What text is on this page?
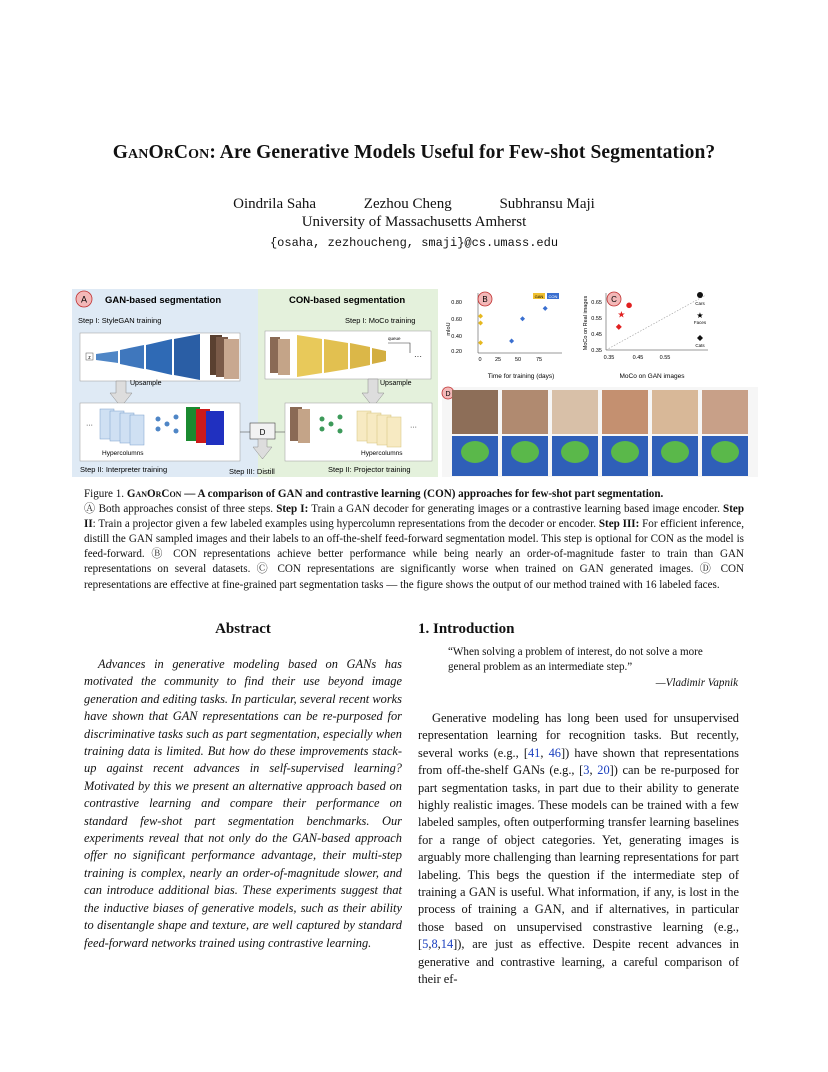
GanOrCon: Are Generative Models Useful for Few-shot Segmentation?
Oindrila Saha	Zezhou Cheng	Subhransu Maji
University of Massachusetts Amherst
{osaha, zezhoucheng, smaji}@cs.umass.edu
A GAN-based segmentation	CON-based segmentation
Step I: StyleGAN training	Step I: MoCo training
z
queue
···
Upsample	Upsample
···
Hypercolumns
Step II: Interpreter training
···
Hypercolumns
Step II: Projector training
D
Step III: Distill
0.80
0.60
0.40
0.20
mIoU
0 25	50	75
Time for training (days)
GAN CON
B	MoCo on Real images 0.65
0.55
0.45
0.35
0.35	0.45	0.55
MoCo on GAN images
★
Cars
★
Faces
Cats
C
D
Figure 1. GanOrCon — A comparison of GAN and contrastive learning (CON) approaches for few-shot part segmentation.
Ⓐ Both approaches consist of three steps. Step I: Train a GAN decoder for generating images or a contrastive learning based image encoder. Step II: Train a projector given a few labeled examples using hypercolumn representations from the decoder or encoder. Step III: For efficient inference, distill the GAN sampled images and their labels to an off-the-shelf feed-forward segmentation model. This step is optional for CON as the model is feed-forward. Ⓑ CON representations achieve better performance while being nearly an order-of-magnitude faster to train than GAN representations on several datasets. Ⓒ CON representations are significantly worse when trained on GAN generated images. Ⓓ CON representations are effective at fine-grained part segmentation tasks — the figure shows the output of our method trained with 16 labeled faces.
Abstract

Advances in generative modeling based on GANs has motivated the community to find their use beyond image generation and editing tasks. In particular, several recent works have shown that GAN representations can be re-purposed for discriminative tasks such as part segmentation, especially when training data is limited. But how do these improvements stack-up against recent advances in self-supervised learning? Motivated by this we present an alternative approach based on contrastive learning and compare their performance on standard few-shot part segmentation benchmarks. Our experiments reveal that not only do the GAN-based approach offer no significant performance advantage, their multi-step training is complex, nearly an order-of-magnitude slower, and can introduce additional bias. These experiments suggest that the inductive biases of generative models, such as their ability to disentangle shape and texture, are well captured by standard feed-forward networks trained using contrastive learning.

1. Introduction
“When solving a problem of interest, do not solve a more general problem as an intermediate step.”
—Vladimir Vapnik

Generative modeling has long been used for unsupervised representation learning for recognition tasks. But recently, several works (e.g., [41, 46]) have shown that representations from off-the-shelf GANs (e.g., [3, 20]) can be re-purposed for part segmentation tasks, in part due to their ability to generate highly realistic images. These models can be trained with a few labeled samples, often outperforming transfer learning baselines for a range of object categories. Yet, generating images is arguably more challenging than learning representations for part labeling. This begs the question if the intermediate step of training a GAN is useful. What information, if any, is lost in the process of training a GAN, and if alternatives, in particular those based on unsupervised constrastive learning (e.g., [5,8,14]), are just as effective. Despite recent advances in generative and contrastive learning, a careful comparison of their ef-
